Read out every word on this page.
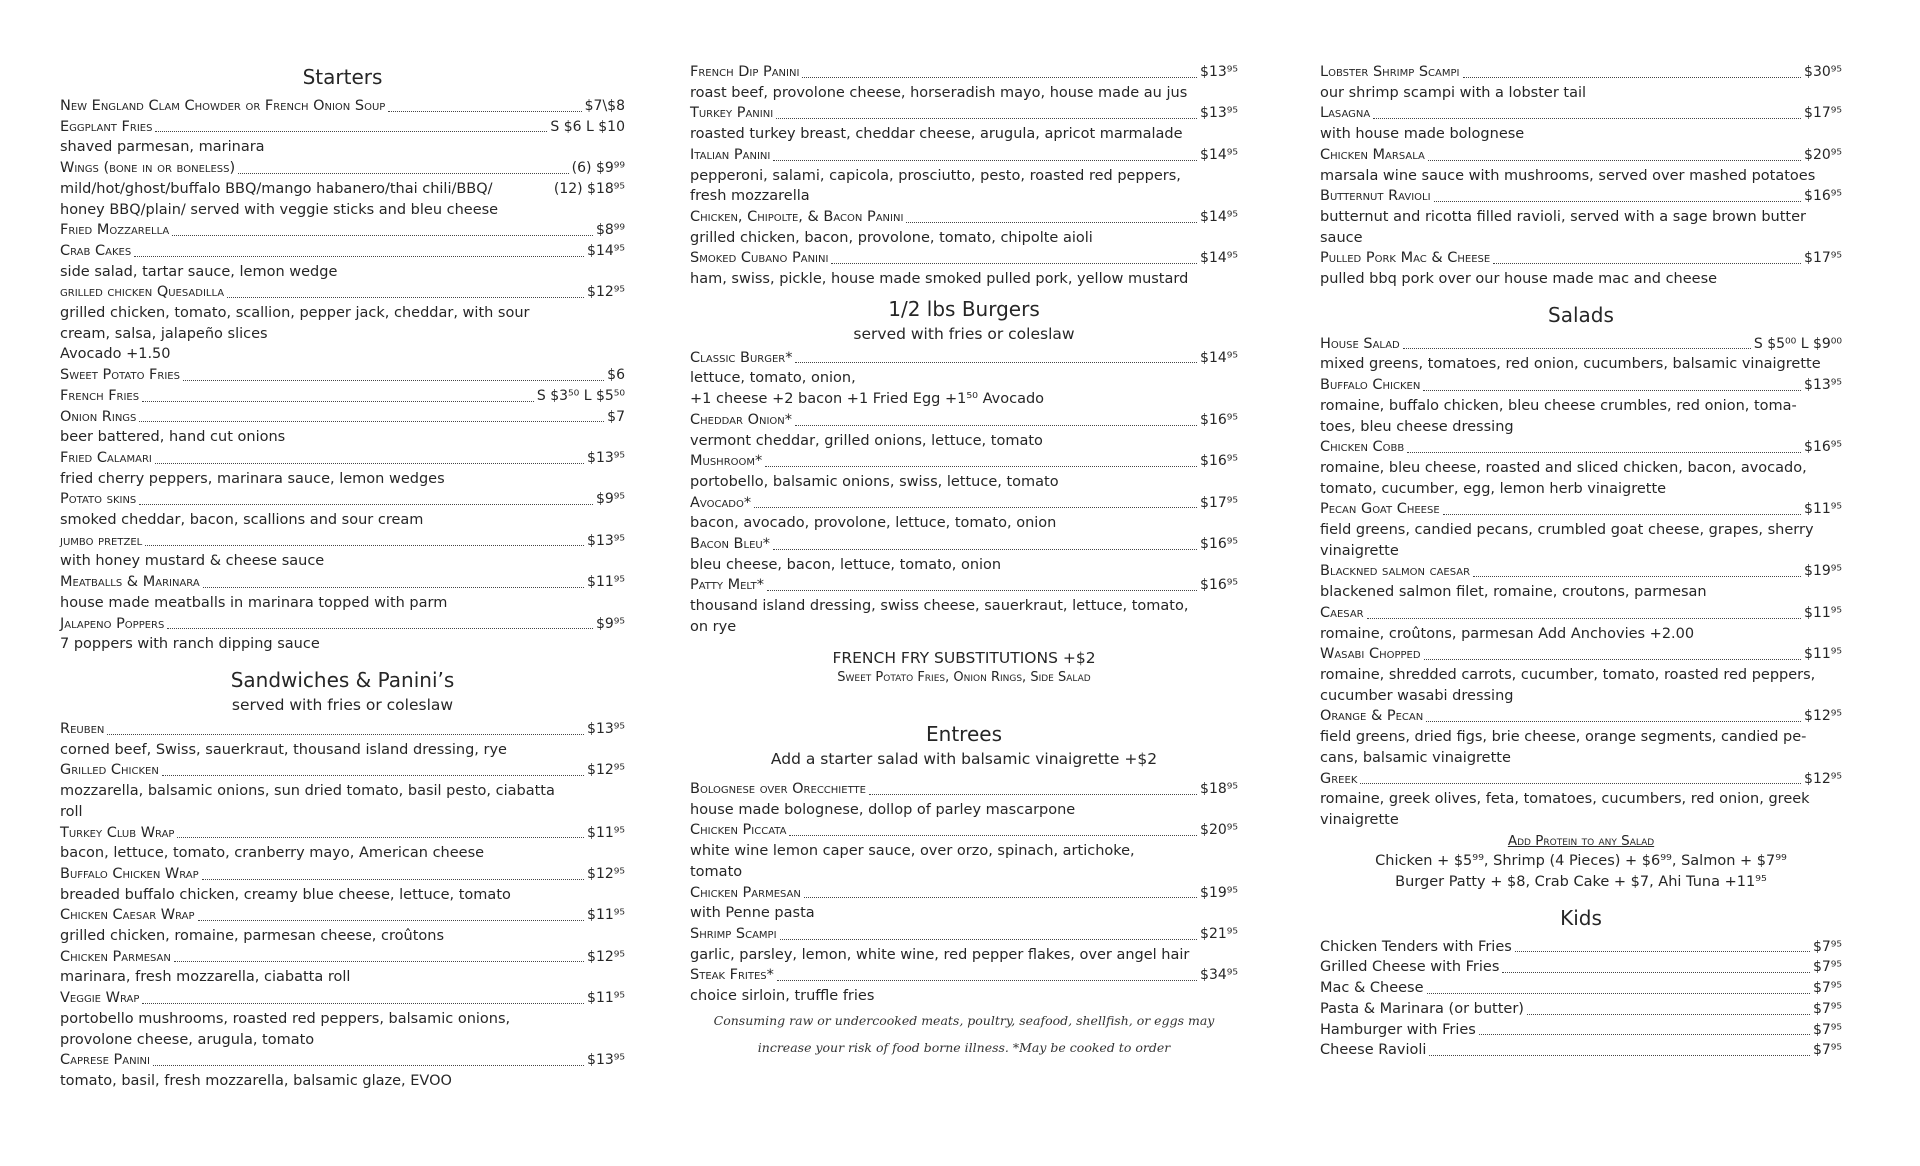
Starters
New England Clam Chowder or French Onion Soup	$7\$8
Eggplant Fries	S $6 L $10
shaved parmesan, marinara
Wings (bone in or boneless)	(6) $9⁹⁹
mild/hot/ghost/buffalo BBQ/mango habanero/thai chili/BBQ/	(12) $18⁹⁵
honey BBQ/plain/ served with veggie sticks and bleu cheese
Fried Mozzarella	$8⁹⁹
Crab Cakes	$14⁹⁵
side salad, tartar sauce, lemon wedge
grilled chicken Quesadilla	$12⁹⁵
grilled chicken, tomato, scallion, pepper jack, cheddar, with sour
cream, salsa, jalapeño slices
Avocado +1.50
Sweet Potato Fries	$6
French Fries	S $3⁵⁰ L $5⁵⁰
Onion Rings	$7
beer battered, hand cut onions
Fried Calamari	$13⁹⁵
fried cherry peppers, marinara sauce, lemon wedges
Potato skins	$9⁹⁵
smoked cheddar, bacon, scallions and sour cream
jumbo pretzel	$13⁹⁵
with honey mustard & cheese sauce
Meatballs & Marinara	$11⁹⁵
house made meatballs in marinara topped with parm
Jalapeno Poppers	$9⁹⁵
7 poppers with ranch dipping sauce
Sandwiches & Panini’s
served with fries or coleslaw
Reuben	$13⁹⁵
corned beef, Swiss, sauerkraut, thousand island dressing, rye
Grilled Chicken	$12⁹⁵
mozzarella, balsamic onions, sun dried tomato, basil pesto, ciabatta
roll
Turkey Club Wrap	$11⁹⁵
bacon, lettuce, tomato, cranberry mayo, American cheese
Buffalo Chicken Wrap	$12⁹⁵
breaded buffalo chicken, creamy blue cheese, lettuce, tomato
Chicken Caesar Wrap	$11⁹⁵
grilled chicken, romaine, parmesan cheese, croûtons
Chicken Parmesan	$12⁹⁵
marinara, fresh mozzarella, ciabatta roll
Veggie Wrap	$11⁹⁵
portobello mushrooms, roasted red peppers, balsamic onions,
provolone cheese, arugula, tomato
Caprese Panini	$13⁹⁵
tomato, basil, fresh mozzarella, balsamic glaze, EVOO
French Dip Panini	$13⁹⁵
roast beef, provolone cheese, horseradish mayo, house made au jus
Turkey Panini	$13⁹⁵
roasted turkey breast, cheddar cheese, arugula, apricot marmalade
Italian Panini	$14⁹⁵
pepperoni, salami, capicola, prosciutto, pesto, roasted red peppers,
fresh mozzarella
Chicken, Chipolte, & Bacon Panini	$14⁹⁵
grilled chicken, bacon, provolone, tomato, chipolte aioli
Smoked Cubano Panini	$14⁹⁵
ham, swiss, pickle, house made smoked pulled pork, yellow mustard
1/2 lbs Burgers
served with fries or coleslaw
Classic Burger*	$14⁹⁵
lettuce, tomato, onion,
+1 cheese +2 bacon +1 Fried Egg +1⁵⁰ Avocado
Cheddar Onion*	$16⁹⁵
vermont cheddar, grilled onions, lettuce, tomato
Mushroom*	$16⁹⁵
portobello, balsamic onions, swiss, lettuce, tomato
Avocado*	$17⁹⁵
bacon, avocado, provolone, lettuce, tomato, onion
Bacon Bleu*	$16⁹⁵
bleu cheese, bacon, lettuce, tomato, onion
Patty Melt*	$16⁹⁵
thousand island dressing, swiss cheese, sauerkraut, lettuce, tomato,
on rye
FRENCH FRY SUBSTITUTIONS +$2
Sweet Potato Fries, Onion Rings, Side Salad
Entrees
Add a starter salad with balsamic vinaigrette +$2
Bolognese over Orecchiette	$18⁹⁵
house made bolognese, dollop of parley mascarpone
Chicken Piccata	$20⁹⁵
white wine lemon caper sauce, over orzo, spinach, artichoke,
tomato
Chicken Parmesan	$19⁹⁵
with Penne pasta
Shrimp Scampi	$21⁹⁵
garlic, parsley, lemon, white wine, red pepper flakes, over angel hair
Steak Frites*	$34⁹⁵
choice sirloin, truffle fries
Consuming raw or undercooked meats, poultry, seafood, shellfish, or eggs may
increase your risk of food borne illness. *May be cooked to order
Lobster Shrimp Scampi	$30⁹⁵
our shrimp scampi with a lobster tail
Lasagna	$17⁹⁵
with house made bolognese
Chicken Marsala	$20⁹⁵
marsala wine sauce with mushrooms, served over mashed potatoes
Butternut Ravioli	$16⁹⁵
butternut and ricotta filled ravioli, served with a sage brown butter
sauce
Pulled Pork Mac & Cheese	$17⁹⁵
pulled bbq pork over our house made mac and cheese
Salads
House Salad	S $5⁰⁰ L $9⁰⁰
mixed greens, tomatoes, red onion, cucumbers, balsamic vinaigrette
Buffalo Chicken	$13⁹⁵
romaine, buffalo chicken, bleu cheese crumbles, red onion, toma-
toes, bleu cheese dressing
Chicken Cobb	$16⁹⁵
romaine, bleu cheese, roasted and sliced chicken, bacon, avocado,
tomato, cucumber, egg, lemon herb vinaigrette
Pecan Goat Cheese	$11⁹⁵
field greens, candied pecans, crumbled goat cheese, grapes, sherry
vinaigrette
Blackned salmon caesar	$19⁹⁵
blackened salmon filet, romaine, croutons, parmesan
Caesar	$11⁹⁵
romaine, croûtons, parmesan Add Anchovies +2.00
Wasabi Chopped	$11⁹⁵
romaine, shredded carrots, cucumber, tomato, roasted red peppers,
cucumber wasabi dressing
Orange & Pecan	$12⁹⁵
field greens, dried figs, brie cheese, orange segments, candied pe-
cans, balsamic vinaigrette
Greek	$12⁹⁵
romaine, greek olives, feta, tomatoes, cucumbers, red onion, greek
vinaigrette
Add Protein to any Salad
Chicken + $5⁹⁹, Shrimp (4 Pieces) + $6⁹⁹, Salmon + $7⁹⁹
Burger Patty + $8, Crab Cake + $7, Ahi Tuna +11⁹⁵
Kids
Chicken Tenders with Fries	$7⁹⁵
Grilled Cheese with Fries	$7⁹⁵
Mac & Cheese	$7⁹⁵
Pasta & Marinara (or butter)	$7⁹⁵
Hamburger with Fries	$7⁹⁵
Cheese Ravioli	$7⁹⁵
